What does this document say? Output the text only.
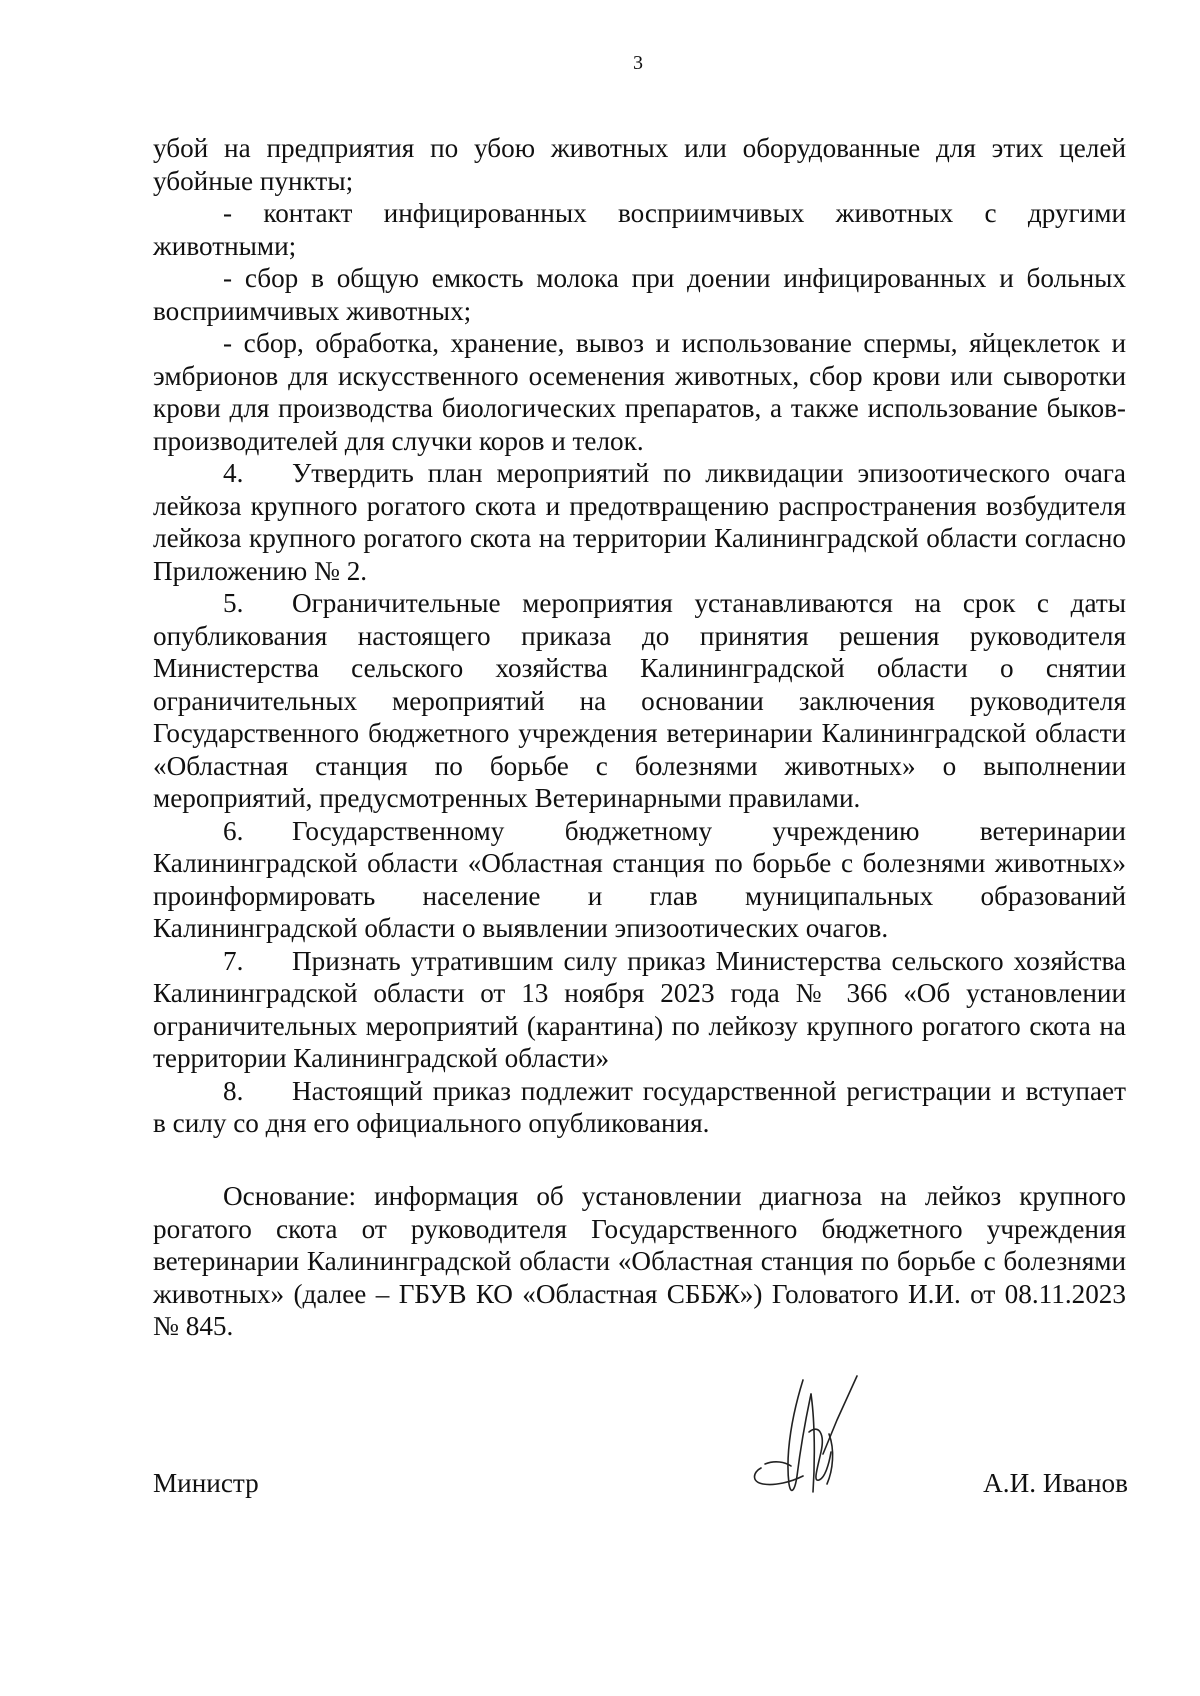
3

убой на предприятия по убою животных или оборудованные для этих целей убойные пункты;

- контакт инфицированных восприимчивых животных с другими животными;

- сбор в общую емкость молока при доении инфицированных и больных восприимчивых животных;

- сбор, обработка, хранение, вывоз и использование спермы, яйцеклеток и эмбрионов для искусственного осеменения животных, сбор крови или сыворотки крови для производства биологических препаратов, а также использование быков-производителей для случки коров и телок.

4. Утвердить план мероприятий по ликвидации эпизоотического очага лейкоза крупного рогатого скота и предотвращению распространения возбудителя лейкоза крупного рогатого скота на территории Калининградской области согласно Приложению № 2.

5. Ограничительные мероприятия устанавливаются на срок с даты опубликования настоящего приказа до принятия решения руководителя Министерства сельского хозяйства Калининградской области о снятии ограничительных мероприятий на основании заключения руководителя Государственного бюджетного учреждения ветеринарии Калининградской области «Областная станция по борьбе с болезнями животных» о выполнении мероприятий, предусмотренных Ветеринарными правилами.

6. Государственному бюджетному учреждению ветеринарии Калининградской области «Областная станция по борьбе с болезнями животных» проинформировать население и глав муниципальных образований Калининградской области о выявлении эпизоотических очагов.

7. Признать утратившим силу приказ Министерства сельского хозяйства Калининградской области от 13 ноября 2023 года № 366 «Об установлении ограничительных мероприятий (карантина) по лейкозу крупного рогатого скота на территории Калининградской области»

8. Настоящий приказ подлежит государственной регистрации и вступает в силу со дня его официального опубликования.

Основание: информация об установлении диагноза на лейкоз крупного рогатого скота от руководителя Государственного бюджетного учреждения ветеринарии Калининградской области «Областная станция по борьбе с болезнями животных» (далее – ГБУВ КО «Областная СББЖ») Головатого И.И. от 08.11.2023 № 845.

Министр	А.И. Иванов
